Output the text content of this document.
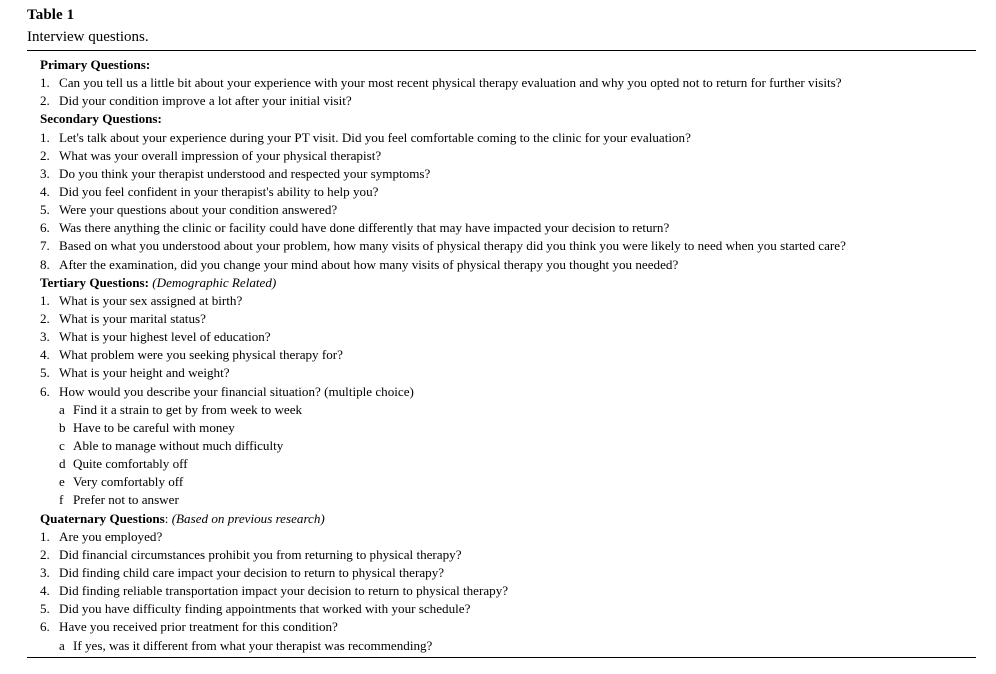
Table 1
Interview questions.
Primary Questions:
1. Can you tell us a little bit about your experience with your most recent physical therapy evaluation and why you opted not to return for further visits?
2. Did your condition improve a lot after your initial visit?
Secondary Questions:
1. Let's talk about your experience during your PT visit. Did you feel comfortable coming to the clinic for your evaluation?
2. What was your overall impression of your physical therapist?
3. Do you think your therapist understood and respected your symptoms?
4. Did you feel confident in your therapist's ability to help you?
5. Were your questions about your condition answered?
6. Was there anything the clinic or facility could have done differently that may have impacted your decision to return?
7. Based on what you understood about your problem, how many visits of physical therapy did you think you were likely to need when you started care?
8. After the examination, did you change your mind about how many visits of physical therapy you thought you needed?
Tertiary Questions: (Demographic Related)
1. What is your sex assigned at birth?
2. What is your marital status?
3. What is your highest level of education?
4. What problem were you seeking physical therapy for?
5. What is your height and weight?
6. How would you describe your financial situation? (multiple choice)
a Find it a strain to get by from week to week
b Have to be careful with money
c Able to manage without much difficulty
d Quite comfortably off
e Very comfortably off
f Prefer not to answer
Quaternary Questions: (Based on previous research)
1. Are you employed?
2. Did financial circumstances prohibit you from returning to physical therapy?
3. Did finding child care impact your decision to return to physical therapy?
4. Did finding reliable transportation impact your decision to return to physical therapy?
5. Did you have difficulty finding appointments that worked with your schedule?
6. Have you received prior treatment for this condition?
a If yes, was it different from what your therapist was recommending?
